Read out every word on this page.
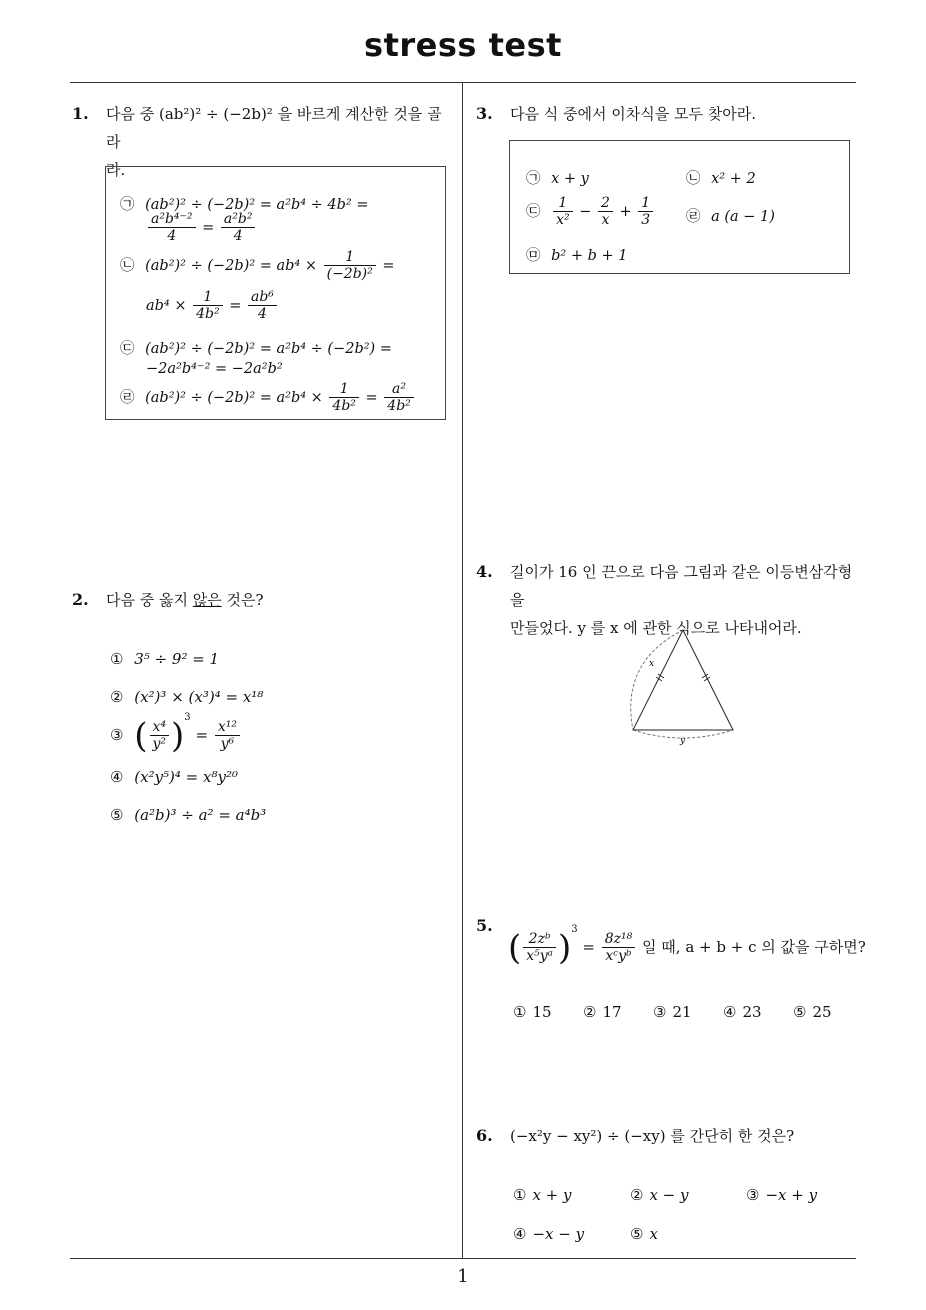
stress test
1
1. 다음 중 (ab²)² ÷ (−2b)² 을 바르게 계산한 것을 골라
라.
㉠ (ab²)² ÷ (−2b)² = a²b⁴ ÷ 4b² =
$\frac{\text{a²b⁴⁻²}}{4} = \frac{\text{a²b²}}{4}$
㉡ $(ab^2)^2 \div (-2b)^2 = ab^4 \times \frac{1}{\text{(−2b)²}}$ =
$ab^4 \times \frac{1}{\text{4b²}} = \frac{\text{ab⁶}}{4}$
㉢ (ab²)² ÷ (−2b)² = a²b⁴ ÷ (−2b²) =
−2a²b⁴⁻² = −2a²b²
㉣ $(ab^2)^2 \div (-2b)^2 = a^2b^4 \times \frac{1}{\text{4b²}} = \frac{\text{a²}}{\text{4b²}}$
2. 다음 중 옳지 않은 것은?
① 3⁵ ÷ 9² = 1
② (x²)³ × (x³)⁴ = x¹⁸
③ ( $\frac{\text{x⁴}}{\text{y²}} )^3 = \frac{\text{x¹²}}{\text{y⁶}}$
④ (x²y⁵)⁴ = x⁸y²⁰
⑤ (a²b)³ ÷ a² = a⁴b³
3. 다음 식 중에서 이차식을 모두 찾아라.
㉠ x + y	㉡ x² + 2
㉢ $\frac{1}{\text{x²}} - \frac{2}{x} + \frac{1}{3}$ ㉣ a (a − 1)
㉤ b² + b + 1
4. 길이가 16 인 끈으로 다음 그림과 같은 이등변삼각형을
만들었다. y 를 x 에 관한 식으로 나타내어라.
x
y
5.
( $\frac{\text{2zᵇ}}{\text{x⁵yᵃ}} )^3 = \frac{\text{8z¹⁸}}{\text{xᶜyᵇ}}$ 일 때, a + b + c 의 값을 구하면?
① 15 ② 17 ③ 21 ④ 23 ⑤ 25
6. (−x²y − xy²) ÷ (−xy) 를 간단히 한 것은?
① x + y	② x − y	③ −x + y
④ −x − y	⑤ x
